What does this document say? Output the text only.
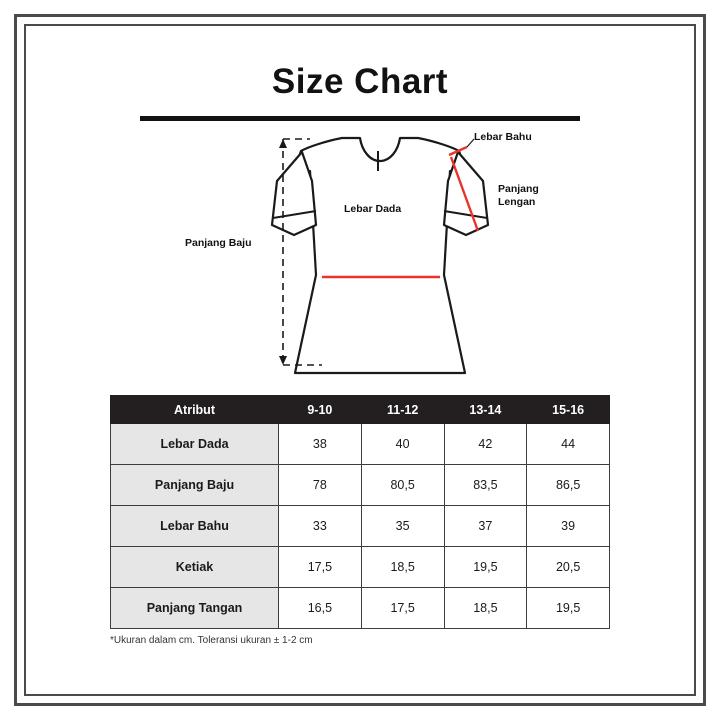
Size Chart
Lebar Bahu
Panjang Lengan
Lebar Dada
Panjang Baju
Atribut	9-10	11-12	13-14	15-16
Lebar Dada	38	40	42	44
Panjang Baju	78	80,5	83,5	86,5
Lebar Bahu	33	35	37	39
Ketiak	17,5	18,5	19,5	20,5
Panjang Tangan	16,5	17,5	18,5	19,5
*Ukuran dalam cm. Toleransi ukuran ± 1-2 cm
